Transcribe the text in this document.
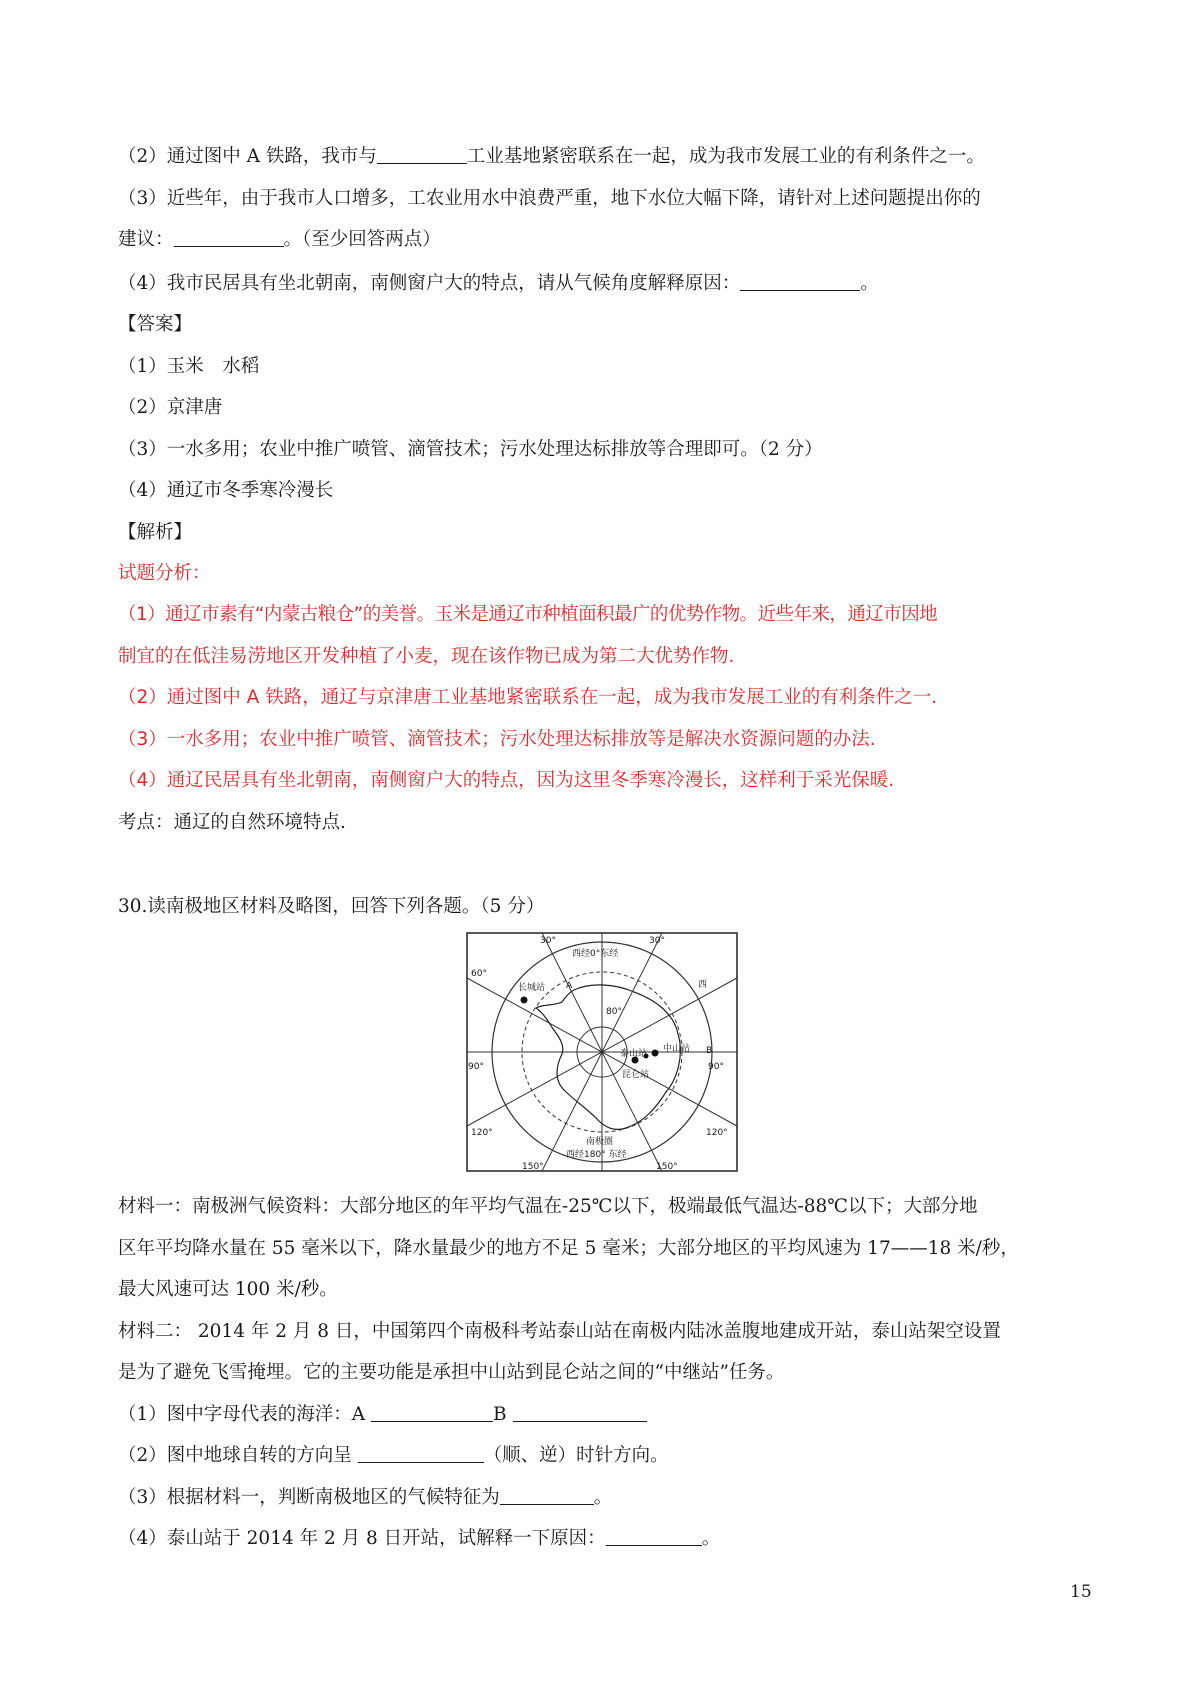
（2）通过图中 A 铁路，我市与	工业基地紧密联系在一起，成为我市发展工业的有利条件之一。
（3）近些年，由于我市人口增多，工农业用水中浪费严重，地下水位大幅下降，请针对上述问题提出你的
建议：	。（至少回答两点）
（4）我市民居具有坐北朝南，南侧窗户大的特点，请从气候角度解释原因：	。
【答案】
（1）玉米　水稻
（2）京津唐
（3）一水多用；农业中推广喷管、滴管技术；污水处理达标排放等合理即可。（2 分）
（4）通辽市冬季寒冷漫长
【解析】
试题分析：
（1）通辽市素有“内蒙古粮仓”的美誉。玉米是通辽市种植面积最广的优势作物。近些年来，通辽市因地
制宜的在低洼易涝地区开发种植了小麦，现在该作物已成为第二大优势作物.
（2）通过图中 A 铁路，通辽与京津唐工业基地紧密联系在一起，成为我市发展工业的有利条件之一.
（3）一水多用；农业中推广喷管、滴管技术；污水处理达标排放等是解决水资源问题的办法.
（4）通辽民居具有坐北朝南，南侧窗户大的特点，因为这里冬季寒冷漫长，这样利于采光保暖.
考点：通辽的自然环境特点.
30.读南极地区材料及略图，回答下列各题。（5 分）
30°	30°
西经0°东经
60°
西
长城站 A
80°
泰山站 中山站 B
90°	90°
昆仑站
120°	120°
南极圈
西经180° 东经
150°	150°
材料一：南极洲气候资料：大部分地区的年平均气温在-25℃以下，极端最低气温达-88℃以下；大部分地
区年平均降水量在 55 毫米以下，降水量最少的地方不足 5 毫米；大部分地区的平均风速为 17——18 米/秒，
最大风速可达 100 米/秒。
材料二： 2014 年 2 月 8 日，中国第四个南极科考站泰山站在南极内陆冰盖腹地建成开站，泰山站架空设置
是为了避免飞雪掩埋。它的主要功能是承担中山站到昆仑站之间的“中继站”任务。
（1）图中字母代表的海洋：A	B
（2）图中地球自转的方向呈	（顺、逆）时针方向。
（3）根据材料一，判断南极地区的气候特征为	。
（4）泰山站于 2014 年 2 月 8 日开站，试解释一下原因：	。
15
